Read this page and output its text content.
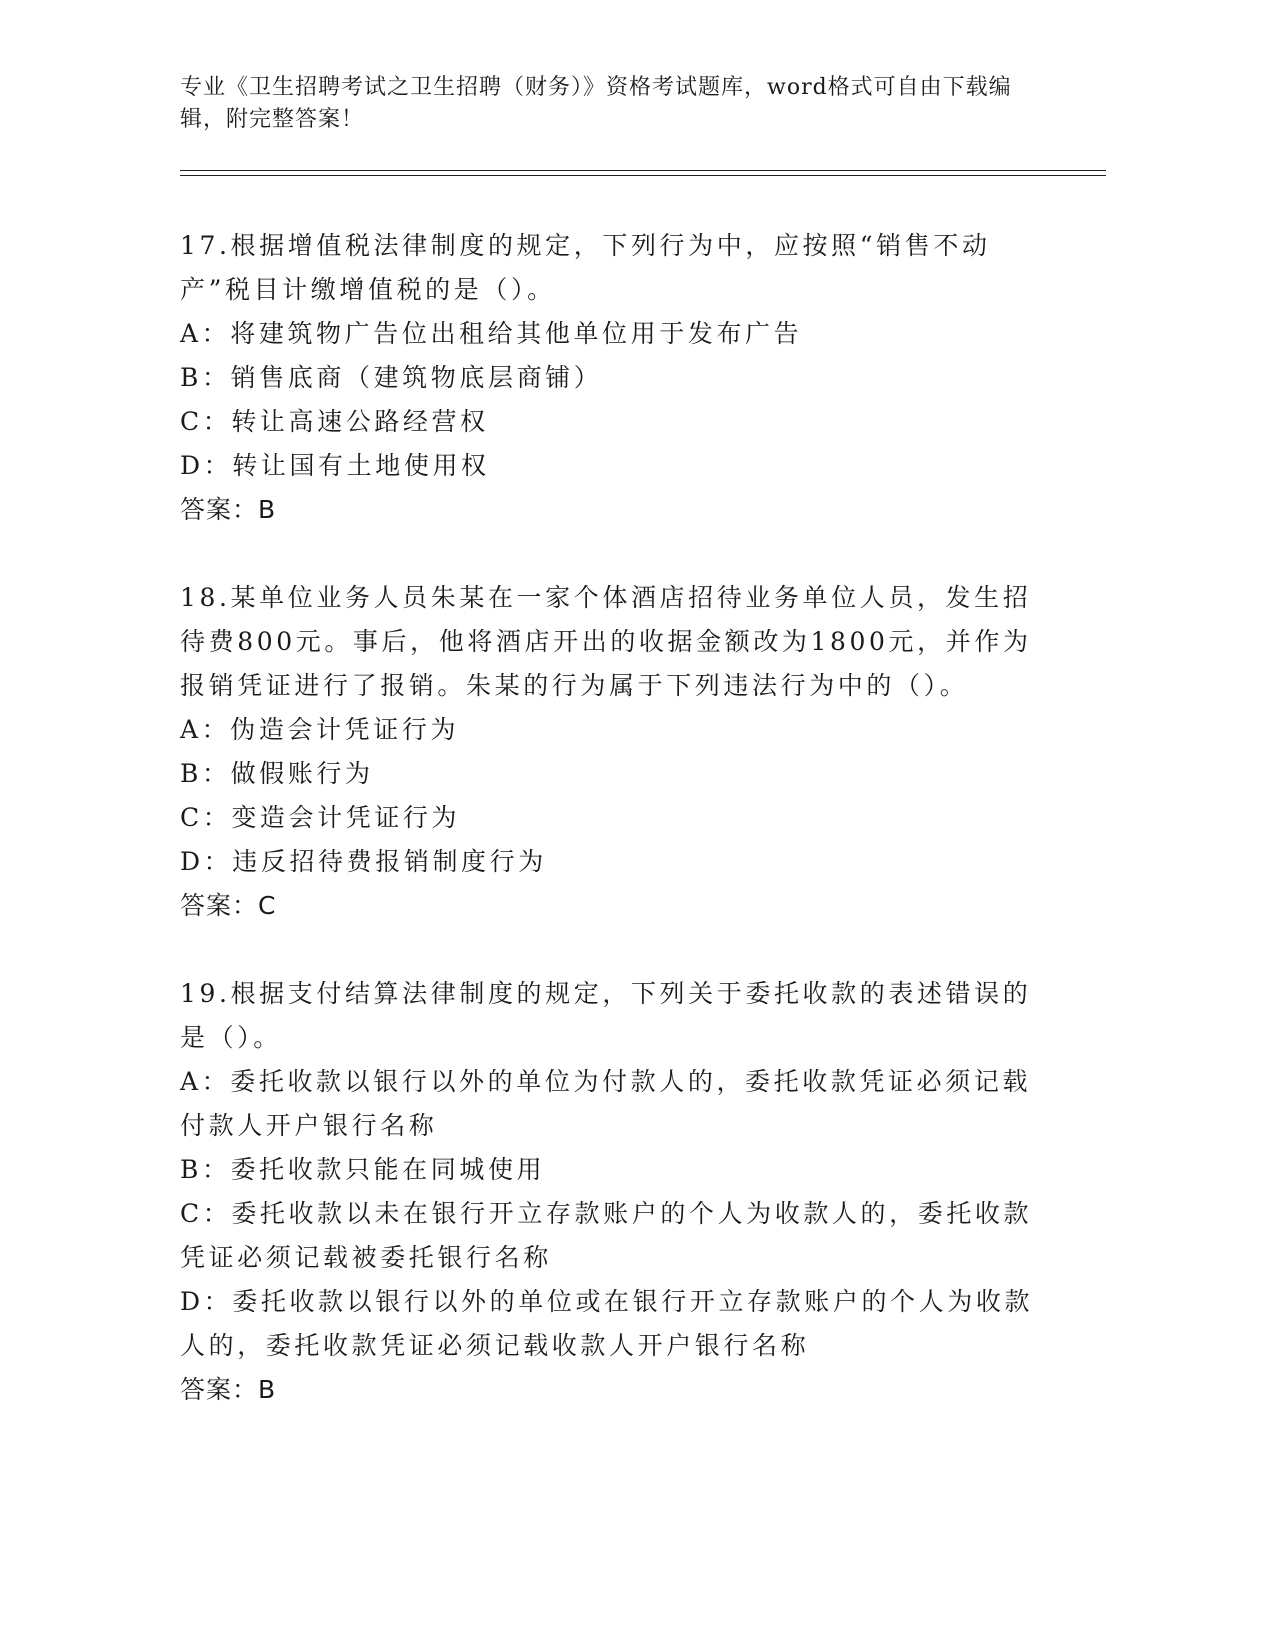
专业《卫生招聘考试之卫生招聘（财务）》资格考试题库，word格式可自由下载编辑，附完整答案！
17.根据增值税法律制度的规定，下列行为中，应按照“销售不动产”税目计缴增值税的是（）。
A：将建筑物广告位出租给其他单位用于发布广告
B：销售底商（建筑物底层商铺）
C：转让高速公路经营权
D：转让国有土地使用权
答案：B
18.某单位业务人员朱某在一家个体酒店招待业务单位人员，发生招待费800元。事后，他将酒店开出的收据金额改为1800元，并作为报销凭证进行了报销。朱某的行为属于下列违法行为中的（）。
A：伪造会计凭证行为
B：做假账行为
C：变造会计凭证行为
D：违反招待费报销制度行为
答案：C
19.根据支付结算法律制度的规定，下列关于委托收款的表述错误的是（）。
A：委托收款以银行以外的单位为付款人的，委托收款凭证必须记载付款人开户银行名称
B：委托收款只能在同城使用
C：委托收款以未在银行开立存款账户的个人为收款人的，委托收款凭证必须记载被委托银行名称
D：委托收款以银行以外的单位或在银行开立存款账户的个人为收款人的，委托收款凭证必须记载收款人开户银行名称
答案：B
